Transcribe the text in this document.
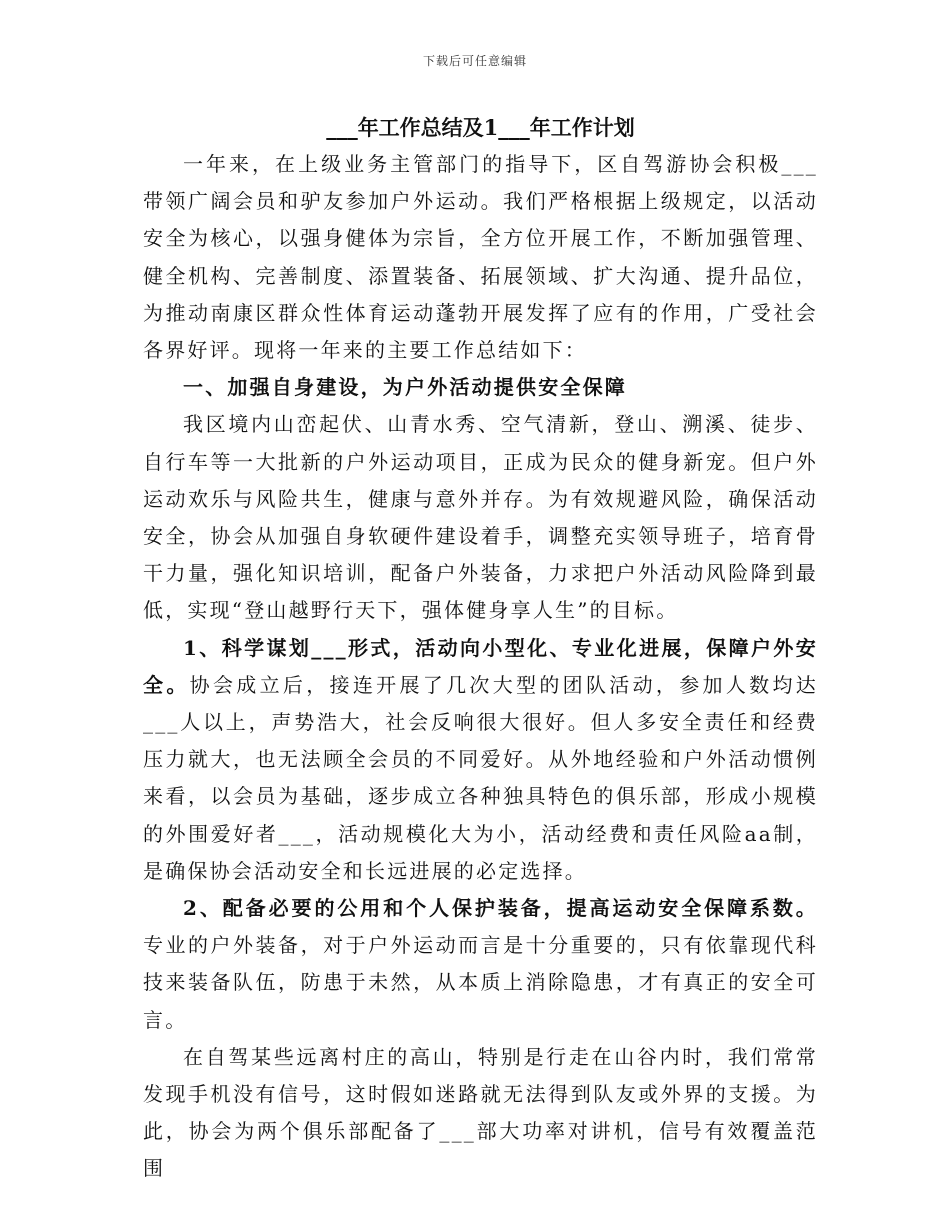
下载后可任意编辑
___年工作总结及1___年工作计划

一年来，在上级业务主管部门的指导下，区自驾游协会积极___带领广阔会员和驴友参加户外运动。我们严格根据上级规定，以活动安全为核心，以强身健体为宗旨，全方位开展工作，不断加强管理、健全机构、完善制度、添置装备、拓展领域、扩大沟通、提升品位，为推动南康区群众性体育运动蓬勃开展发挥了应有的作用，广受社会各界好评。现将一年来的主要工作总结如下：

一、加强自身建设，为户外活动提供安全保障

我区境内山峦起伏、山青水秀、空气清新，登山、溯溪、徒步、自行车等一大批新的户外运动项目，正成为民众的健身新宠。但户外运动欢乐与风险共生，健康与意外并存。为有效规避风险，确保活动安全，协会从加强自身软硬件建设着手，调整充实领导班子，培育骨干力量，强化知识培训，配备户外装备，力求把户外活动风险降到最低，实现“登山越野行天下，强体健身享人生”的目标。

1、科学谋划___形式，活动向小型化、专业化进展，保障户外安全。协会成立后，接连开展了几次大型的团队活动，参加人数均达___人以上，声势浩大，社会反响很大很好。但人多安全责任和经费压力就大，也无法顾全会员的不同爱好。从外地经验和户外活动惯例来看，以会员为基础，逐步成立各种独具特色的俱乐部，形成小规模的外围爱好者___，活动规模化大为小，活动经费和责任风险aa制，是确保协会活动安全和长远进展的必定选择。

2、配备必要的公用和个人保护装备，提高运动安全保障系数。专业的户外装备，对于户外运动而言是十分重要的，只有依靠现代科技来装备队伍，防患于未然，从本质上消除隐患，才有真正的安全可言。

在自驾某些远离村庄的高山，特别是行走在山谷内时，我们常常发现手机没有信号，这时假如迷路就无法得到队友或外界的支援。为此，协会为两个俱乐部配备了___部大功率对讲机，信号有效覆盖范围
